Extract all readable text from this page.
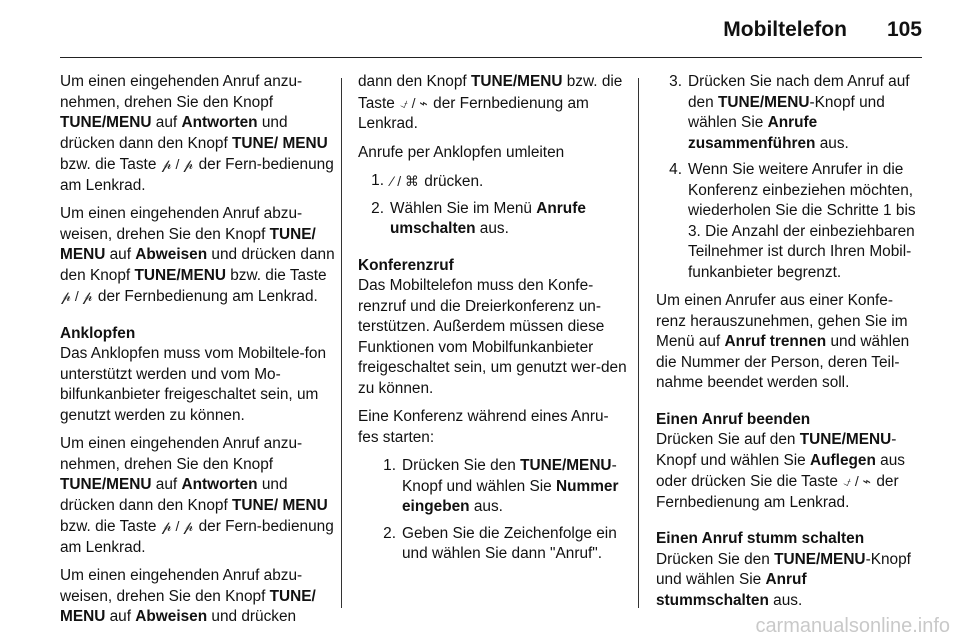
Mobiltelefon 105

Um einen eingehenden Anruf anzu-nehmen, drehen Sie den Knopf TUNE/MENU auf Antworten und drücken dann den Knopf TUNE/ MENU bzw. die Taste 𝓅 / 𝓅 der Fern-bedienung am Lenkrad.

Um einen eingehenden Anruf abzu-weisen, drehen Sie den Knopf TUNE/ MENU auf Abweisen und drücken dann den Knopf TUNE/MENU bzw. die Taste 𝓅 / 𝓅 der Fernbedienung am Lenkrad.

Anklopfen

Das Anklopfen muss vom Mobiltele-fon unterstützt werden und vom Mo-bilfunkanbieter freigeschaltet sein, um genutzt werden zu können.

Um einen eingehenden Anruf anzu-nehmen, drehen Sie den Knopf TUNE/MENU auf Antworten und drücken dann den Knopf TUNE/ MENU bzw. die Taste 𝓅 / 𝓅 der Fern-bedienung am Lenkrad.

Um einen eingehenden Anruf abzu-weisen, drehen Sie den Knopf TUNE/ MENU auf Abweisen und drücken

dann den Knopf TUNE/MENU bzw. die Taste ⍻ / ⌁ der Fernbedienung am Lenkrad.

Anrufe per Anklopfen umleiten

1. ⁄ / ⌘ drücken.
2. Wählen Sie im Menü Anrufe umschalten aus.
Konferenzruf

Das Mobiltelefon muss den Konfe-renzruf und die Dreierkonferenz un-terstützen. Außerdem müssen diese Funktionen vom Mobilfunkanbieter freigeschaltet sein, um genutzt wer-den zu können.

Eine Konferenz während eines Anru-fes starten:

1. Drücken Sie den TUNE/MENU-Knopf und wählen Sie Nummer eingeben aus.
2. Geben Sie die Zeichenfolge ein und wählen Sie dann "Anruf".
3. Drücken Sie nach dem Anruf auf den TUNE/MENU-Knopf und wählen Sie Anrufe zusammenführen aus.
4. Wenn Sie weitere Anrufer in die Konferenz einbeziehen möchten, wiederholen Sie die Schritte 1 bis 3. Die Anzahl der einbeziehbaren Teilnehmer ist durch Ihren Mobil-funkanbieter begrenzt.

Um einen Anrufer aus einer Konfe-renz herauszunehmen, gehen Sie im Menü auf Anruf trennen und wählen die Nummer der Person, deren Teil-nahme beendet werden soll.

Einen Anruf beenden

Drücken Sie auf den TUNE/MENU-Knopf und wählen Sie Auflegen aus oder drücken Sie die Taste ⍻ / ⌁ der Fernbedienung am Lenkrad.

Einen Anruf stumm schalten

Drücken Sie den TUNE/MENU-Knopf und wählen Sie Anruf stummschalten aus.

carmanualsonline.info
